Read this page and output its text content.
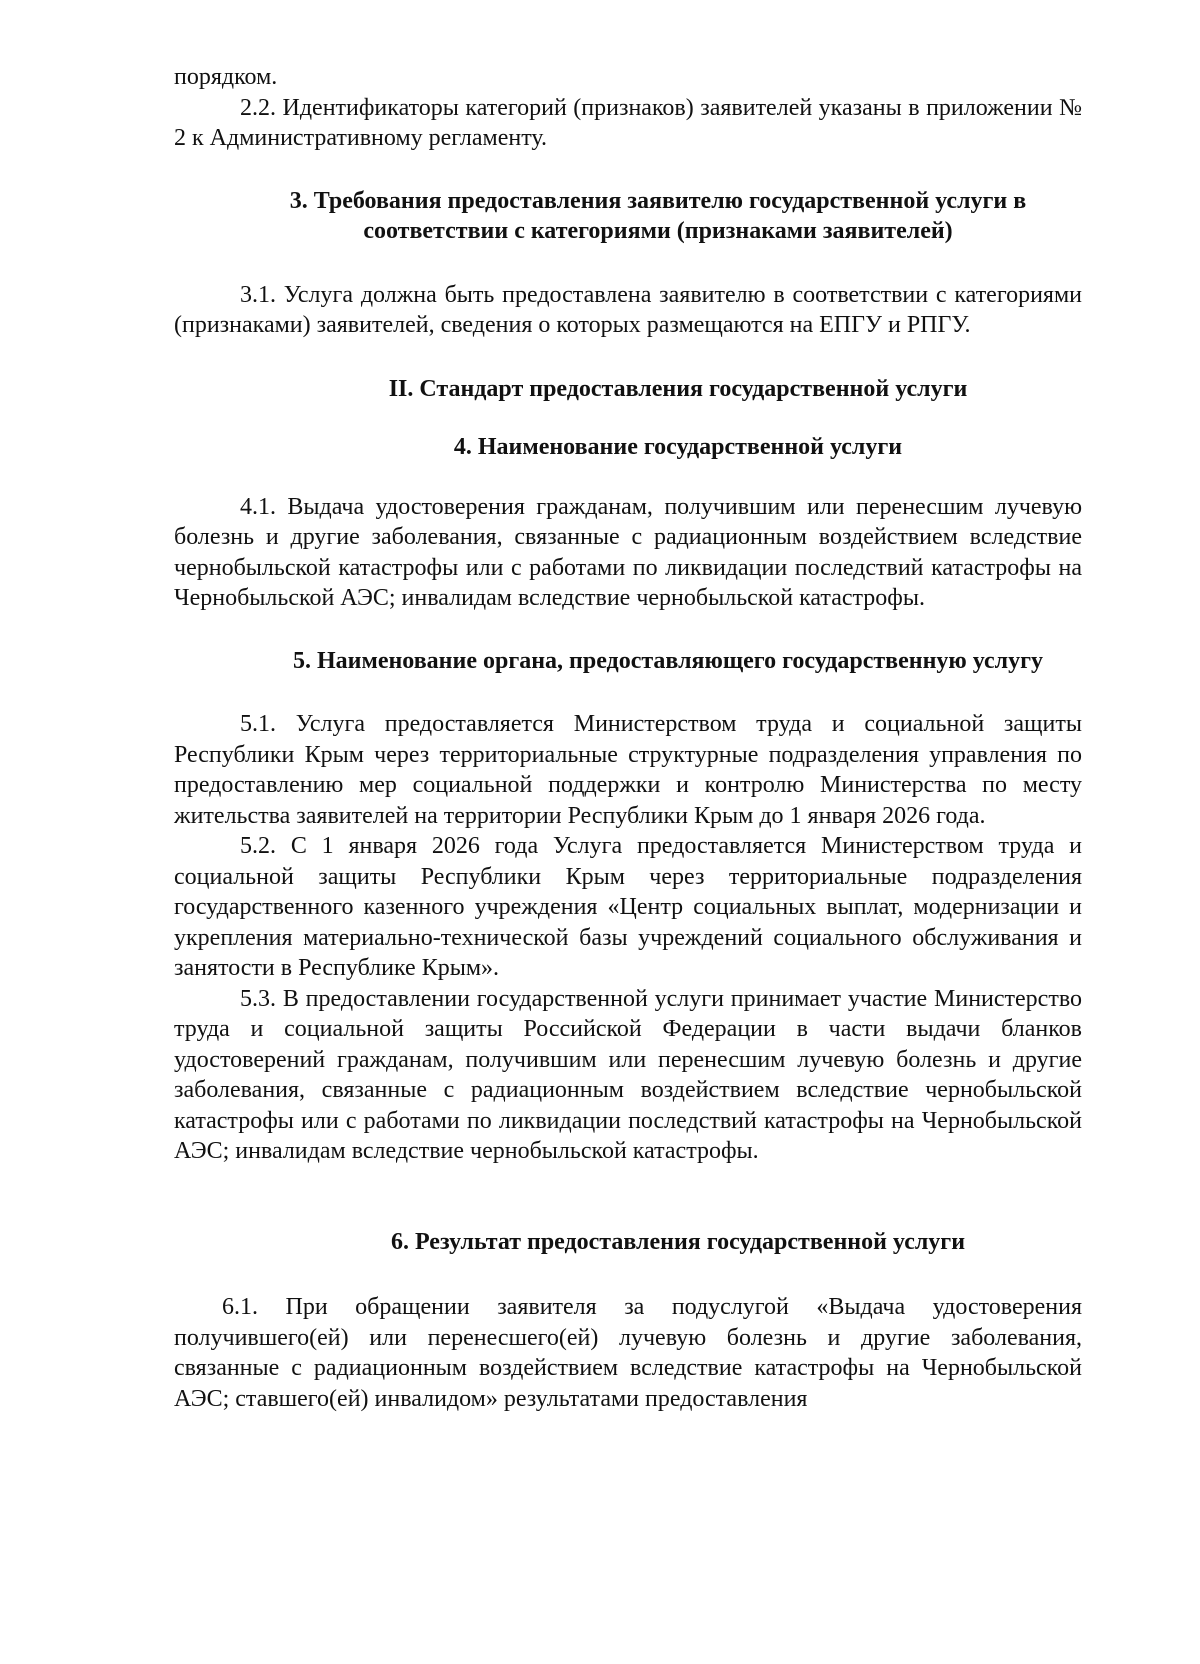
порядком.

2.2. Идентификаторы категорий (признаков) заявителей указаны в приложении № 2 к Административному регламенту.

3. Требования предоставления заявителю государственной услуги в соответствии с категориями (признаками заявителей)

3.1. Услуга должна быть предоставлена заявителю в соответствии с категориями (признаками) заявителей, сведения о которых размещаются на ЕПГУ и РПГУ.

II. Стандарт предоставления государственной услуги
4. Наименование государственной услуги

4.1. Выдача удостоверения гражданам, получившим или перенесшим лучевую болезнь и другие заболевания, связанные с радиационным воздействием вследствие чернобыльской катастрофы или с работами по ликвидации последствий катастрофы на Чернобыльской АЭС; инвалидам вследствие чернобыльской катастрофы.

5. Наименование органа, предоставляющего государственную услугу

5.1. Услуга предоставляется Министерством труда и социальной защиты Республики Крым через территориальные структурные подразделения управления по предоставлению мер социальной поддержки и контролю Министерства по месту жительства заявителей на территории Республики Крым до 1 января 2026 года.

5.2. С 1 января 2026 года Услуга предоставляется Министерством труда и социальной защиты Республики Крым через территориальные подразделения государственного казенного учреждения «Центр социальных выплат, модернизации и укрепления материально-технической базы учреждений социального обслуживания и занятости в Республике Крым».

5.3. В предоставлении государственной услуги принимает участие Министерство труда и социальной защиты Российской Федерации в части выдачи бланков удостоверений гражданам, получившим или перенесшим лучевую болезнь и другие заболевания, связанные с радиационным воздействием вследствие чернобыльской катастрофы или с работами по ликвидации последствий катастрофы на Чернобыльской АЭС; инвалидам вследствие чернобыльской катастрофы.

6. Результат предоставления государственной услуги

6.1. При обращении заявителя за подуслугой «Выдача удостоверения получившего(ей) или перенесшего(ей) лучевую болезнь и другие заболевания, связанные с радиационным воздействием вследствие катастрофы на Чернобыльской АЭС; ставшего(ей) инвалидом» результатами предоставления
